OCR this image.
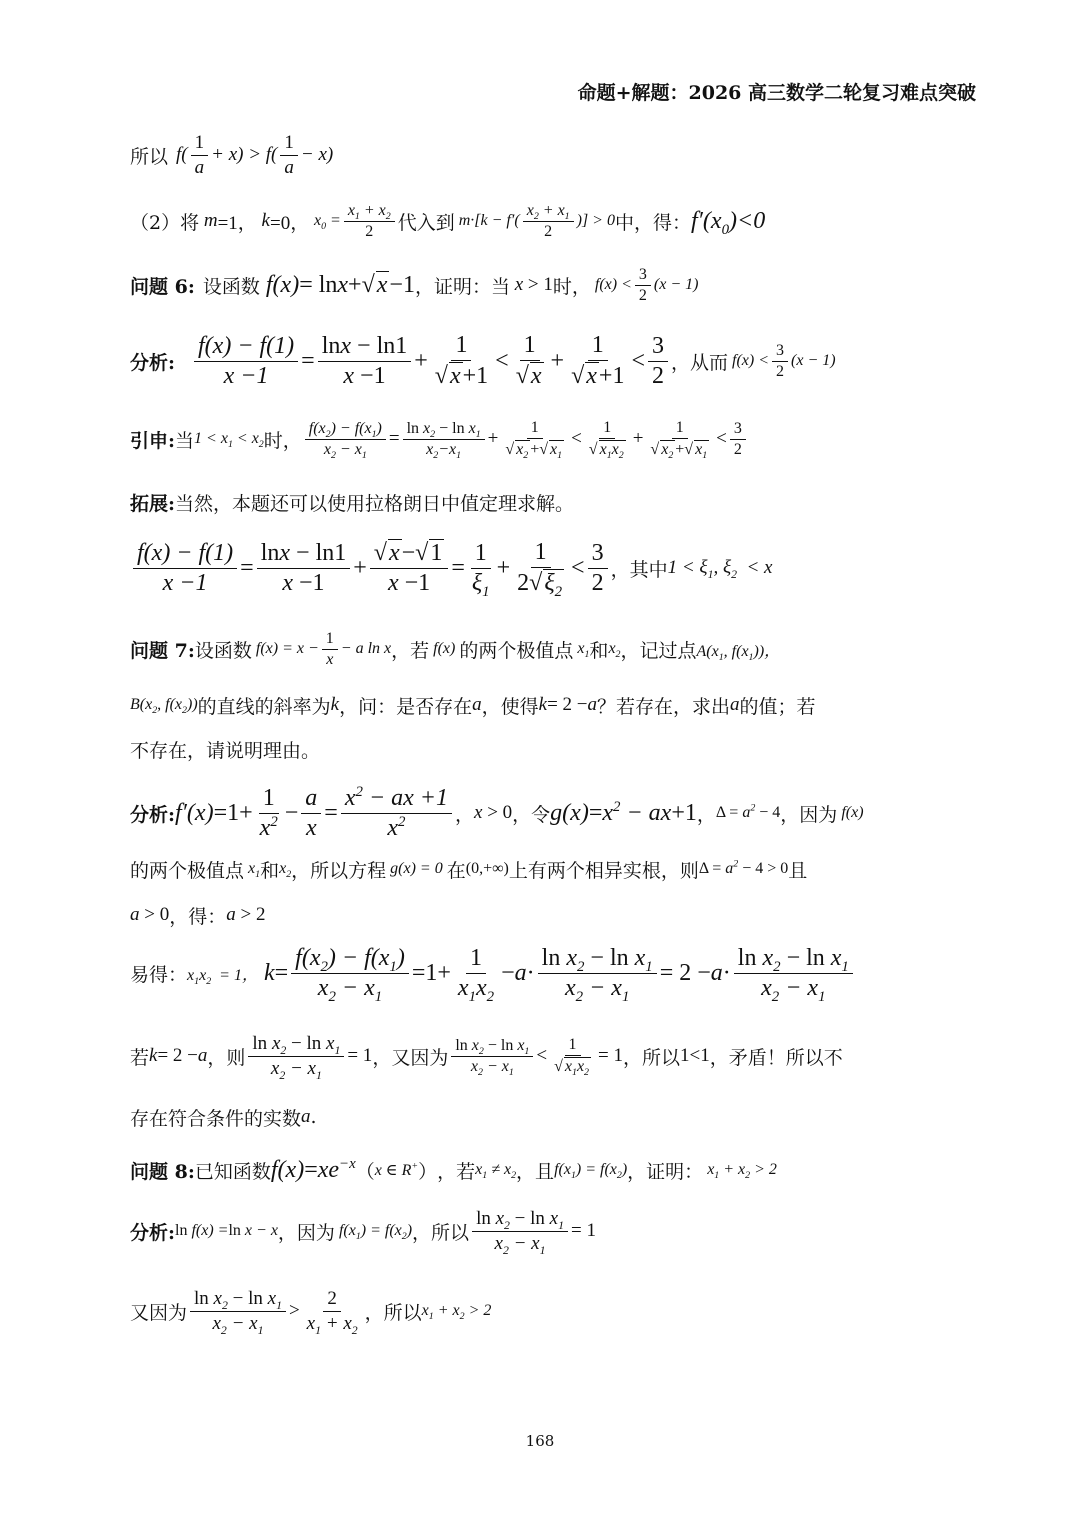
命题+解题：2026 高三数学二轮复习难点突破
所以 $f( \frac{1}{a} + x) > f( \frac{1}{a} - x)$
（2）将 m =1， k =0， $x_0 = \frac{x_1 + x_2}{2}$ 代入到 $m\cdot[k - f'( \frac{x_2 + x_1}{2}$ )] > 0 中，得： $f'(x_0)<0$
问题 6: 设函数 f(x) = ln x + √x−1 ，证明：当 x > 1 时， $f(x) < \frac{3}{2} (x - 1)$
分析: $\frac{f(x) - f(1)}{x -1} = \frac{\ln x - \ln 1}{x -1} + \frac{1}{√x+1} < \frac{1}{√x} + \frac{1}{√x+1} < \frac{3}{2}$ ，从而 $f(x) < \frac{3}{2} (x - 1)$
引申: 当 $1 < x_1 < x_2$ 时， $\frac{f(x_2) - f(x_1)}{x_2 - x_1} = \frac{\ln x_2 - \ln x_1}{x_2-x_1} + \frac{1}{√ x_2 +√ x_1} < \frac{1}{√ x_1x_2} + \frac{1}{√ x_2 +√ x_1} < \frac{3}{2}$
拓展: 当然，本题还可以使用拉格朗日中值定理求解。
$\frac{f(x) - f(1)}{x -1} = \frac{\ln x - \ln 1}{x -1} + \frac{√x-√1}{x -1} = \frac{1}{\xi_1} + \frac{1}{2√\xi_2} < \frac{3}{2}$ ，其中 $1 < \xi_1$, $\xi_2 < x$
问题 7: 设函数 $f(x) = x - \frac{1}{x} - a$ ln x ，若 f(x) 的两个极值点 $x_1$ 和 $x_2$ ，记过点 $A(x_1$, $f(x_1)$)，
$B(x_2$, $f(x_2)$) 的直线的斜率为 k ，问：是否存在 a ，使得 k = 2 − a ？若存在，求出 a 的值；若
不存在，请说明理由。
分析: $f'(x) =1+ \frac{1}{x^2} - \frac{a}{x} = \frac{x^2 - ax +1}{x^2}$ ， x > 0 ，令 $g(x) = x^2$ − ax +1 ， $\Delta = a^2 - 4$ ，因为 f(x)
的两个极值点 $x_1$ 和 $x_2$ ，所以方程 g(x) = 0 在 (0,+∞) 上有两个相异实根，则 $\Delta = a^2 - 4 > 0$ 且
a > 0 ，得： a > 2
易得： $x_1x_2 = 1$， $k = \frac{f(x_2) - f(x_1)}{x_2 - x_1} =1+ \frac{1}{x_1x_2} - a \cdot \frac{\ln x_2 - \ln x_1}{x_2 - x_1} = 2 - a \cdot \frac{\ln x_2 - \ln x_1}{x_2 - x_1}$
若 k = 2 − a ，则 $\frac{\ln x_2 - \ln x_1}{x_2 - x_1} = 1$ ，又因为 $\frac{\ln x_2 - \ln x_1}{x_2 - x_1} < \frac{1}{√ x_1x_2} = 1$ ，所以 1<1 ，矛盾！所以不
存在符合条件的实数 a .
问题 8: 已知函数 $f(x) = xe^{-x}$ （ x ∈ R+ ） ，若 $x_1 \ne x_2$ ，且 $f(x_1) = f(x_2)$ ，证明： $x_1 + x_2 > 2$
分析: ln f(x) = ln x − x ，因为 $f(x_1) = f(x_2)$ ，所以 $\frac{\ln x_2 - \ln x_1}{x_2 - x_1} = 1$
又因为 $\frac{\ln x_2 - \ln x_1}{x_2 - x_1} > \frac{2}{x_1 + x_2}$ ，所以 $x_1 + x_2 > 2$
168
